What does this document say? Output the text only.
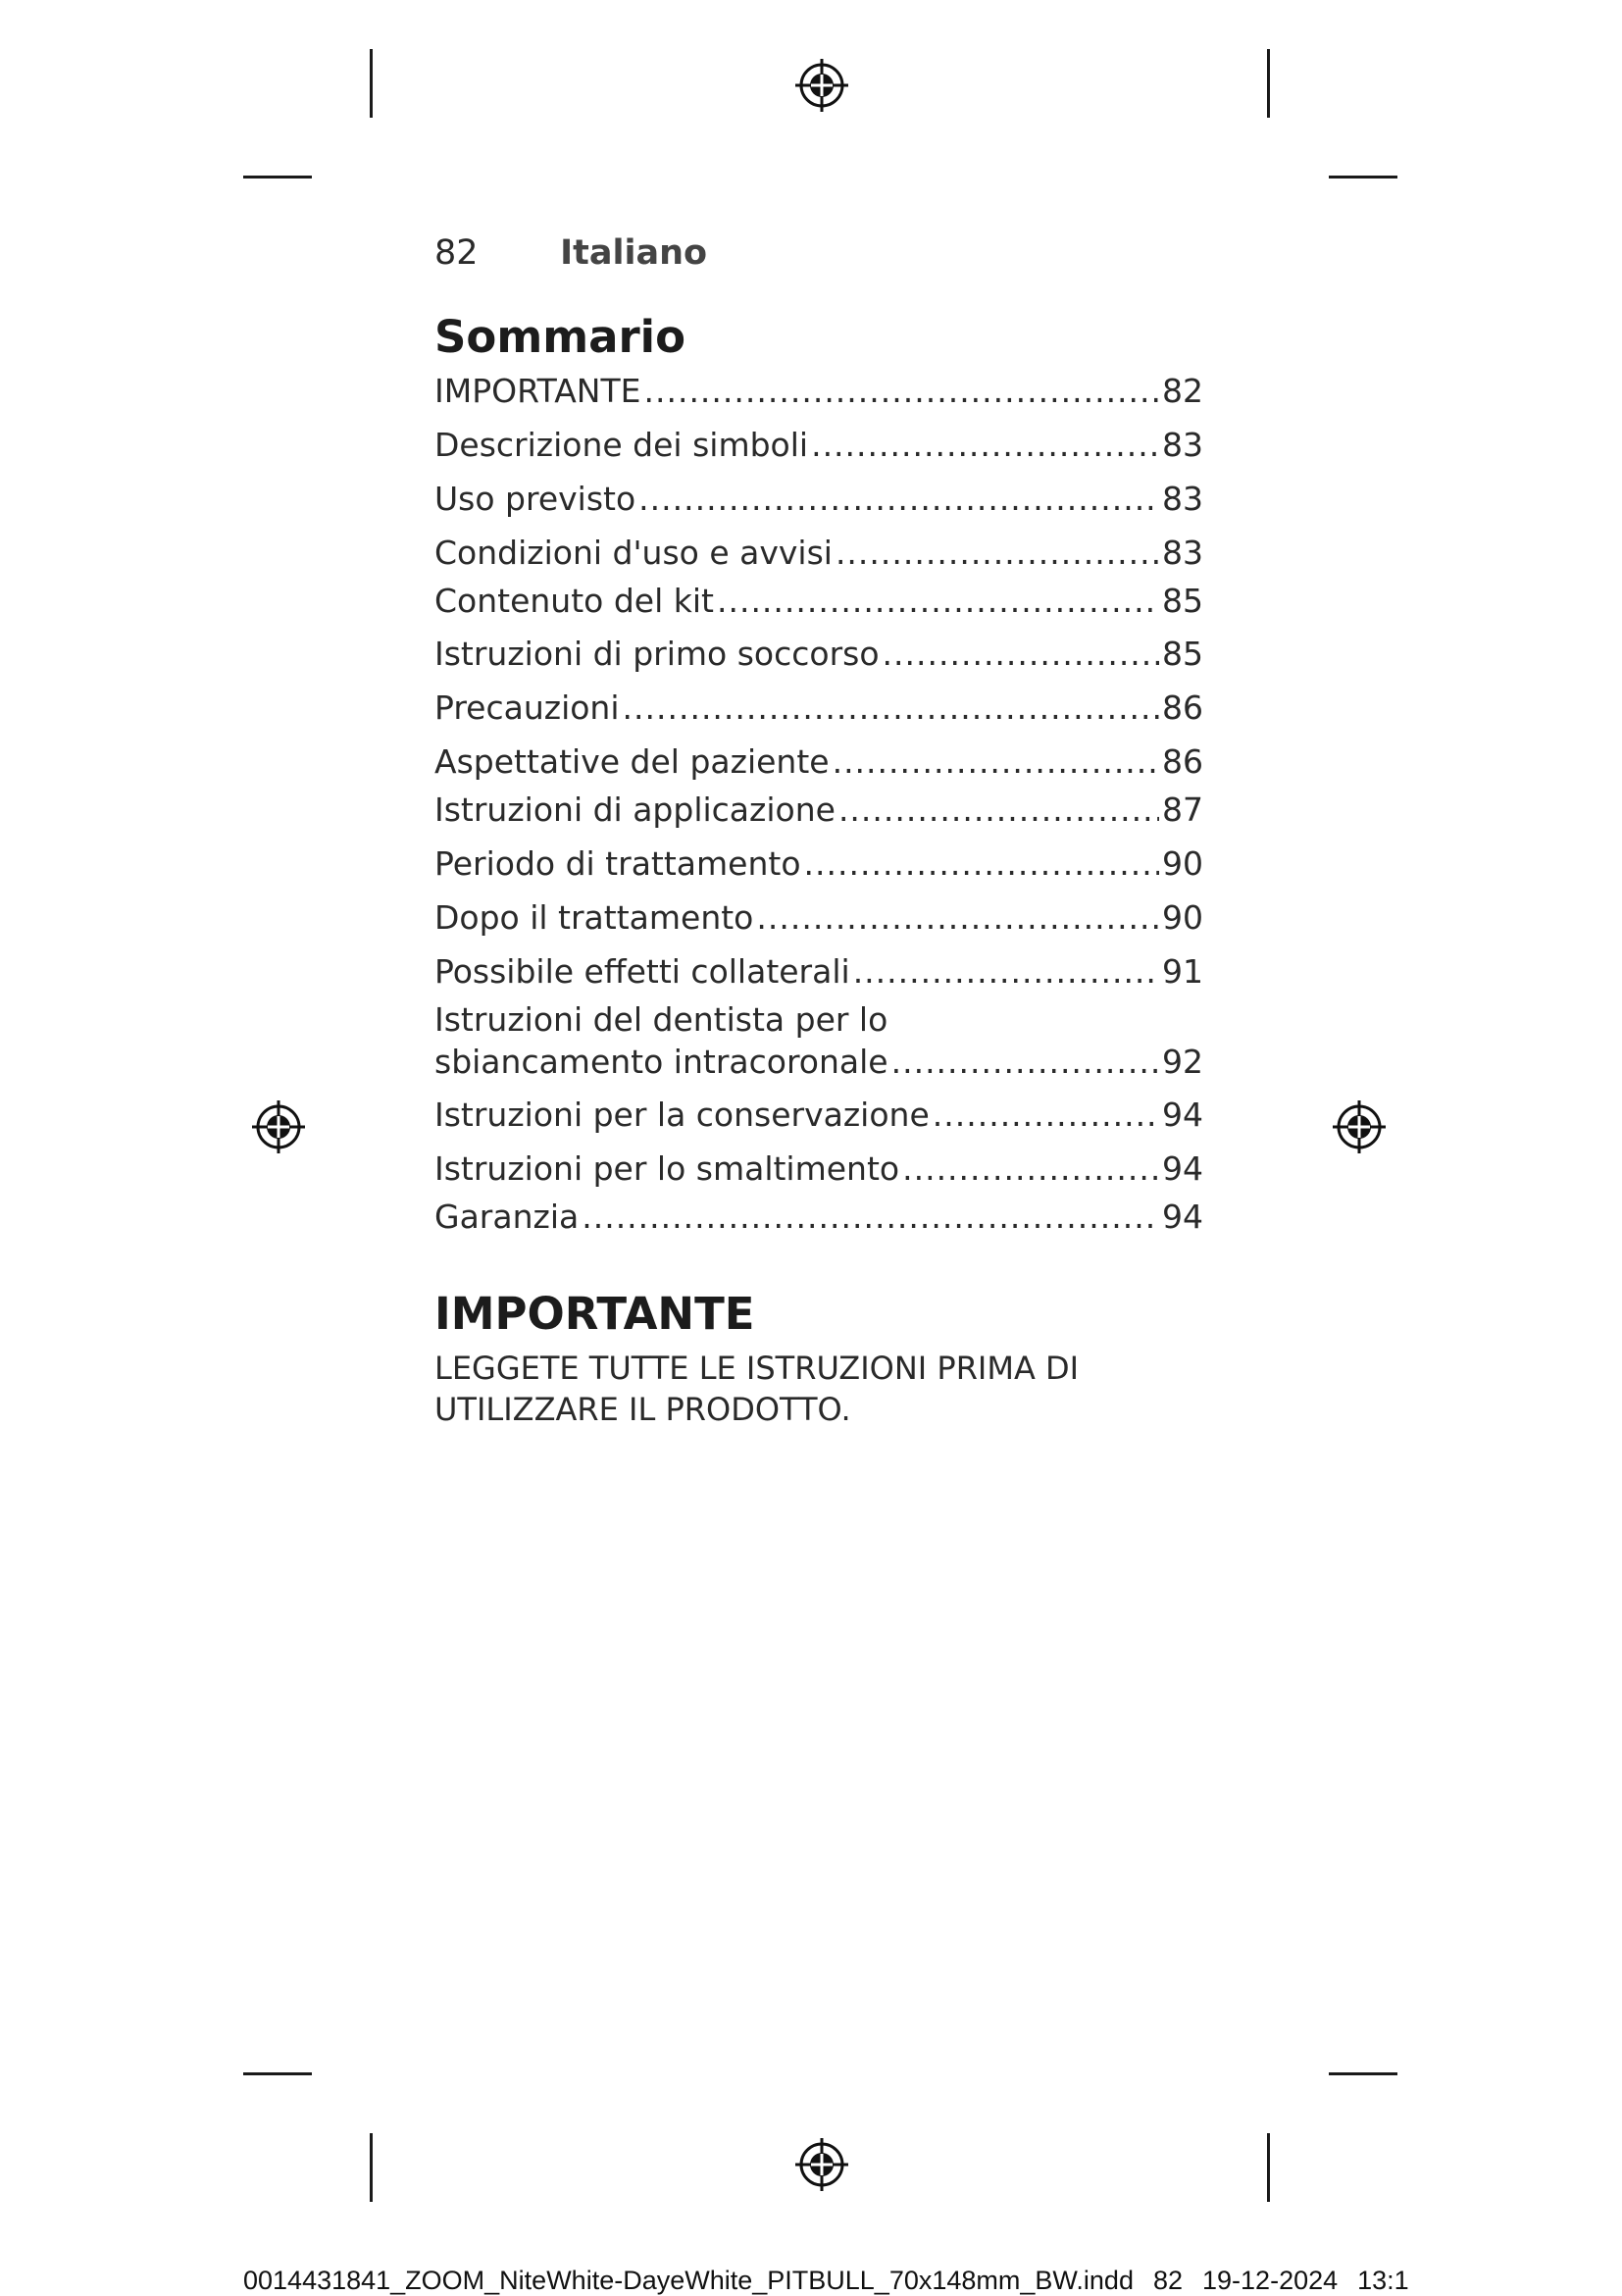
82 Italiano
Sommario
IMPORTANTE .....	82
Descrizione dei simboli .....	83
Uso previsto .....	83
Condizioni d'uso e avvisi .....	83
Contenuto del kit .....	85
Istruzioni di primo soccorso .....	85
Precauzioni .....	86
Aspettative del paziente .....	86
Istruzioni di applicazione .....	87
Periodo di trattamento .....	90
Dopo il trattamento .....	90
Possibile effetti collaterali .....	91
Istruzioni del dentista per lo
sbiancamento intracoronale .....	92
Istruzioni per la conservazione .....	94
Istruzioni per lo smaltimento .....	94
Garanzia .....	94
IMPORTANTE
LEGGETE TUTTE LE ISTRUZIONI PRIMA DI
UTILIZZARE IL PRODOTTO.
0014431841_ZOOM_NiteWhite-DayeWhite_PITBULL_70x148mm_BW.indd 82 19-12-2024 13:1
